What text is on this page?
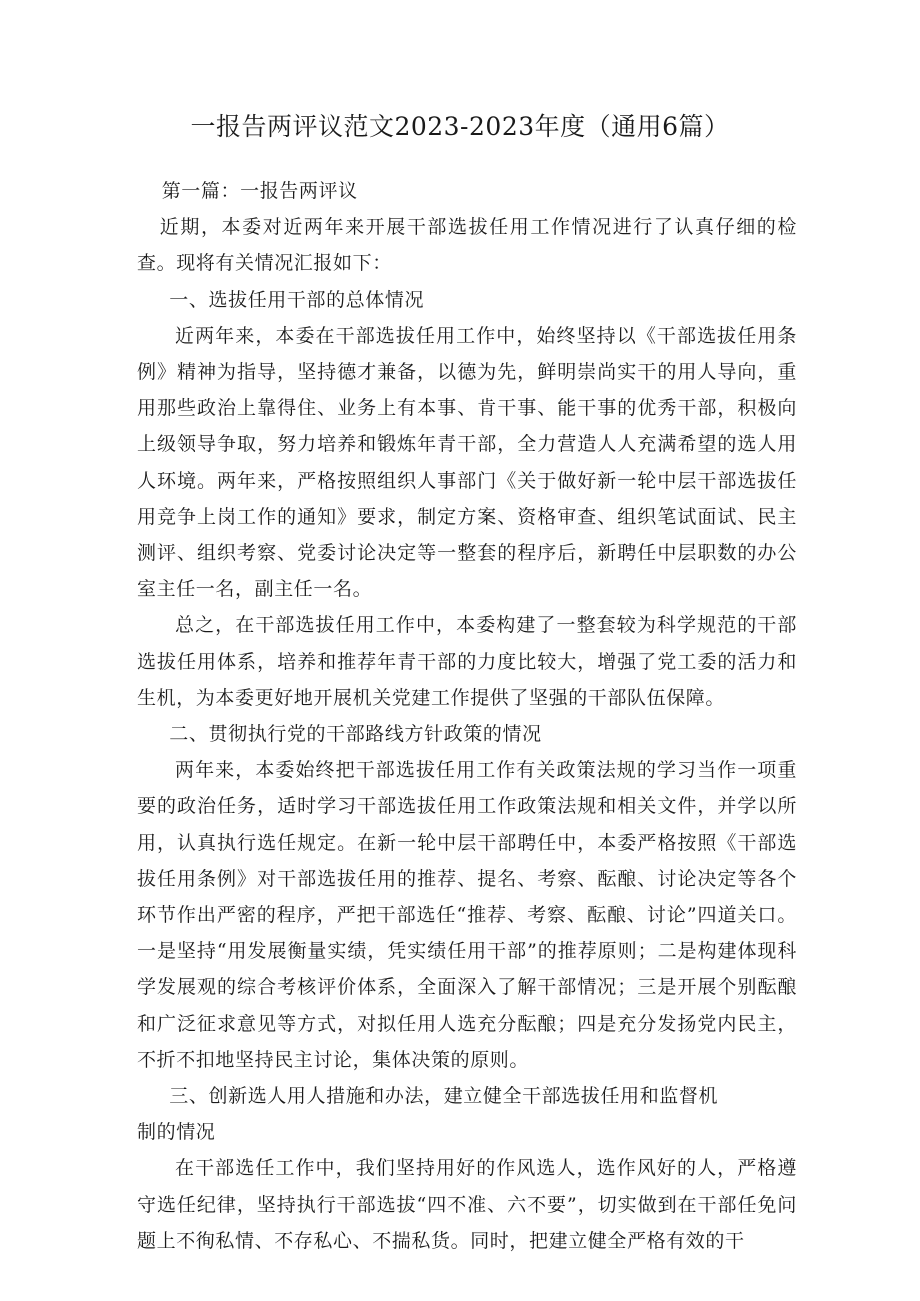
一报告两评议范文2023-2023年度（通用6篇）

第一篇：一报告两评议

近期，本委对近两年来开展干部选拔任用工作情况进行了认真仔细的检查。现将有关情况汇报如下：

一、选拔任用干部的总体情况

近两年来，本委在干部选拔任用工作中，始终坚持以《干部选拔任用条例》精神为指导，坚持德才兼备，以德为先，鲜明崇尚实干的用人导向，重用那些政治上靠得住、业务上有本事、肯干事、能干事的优秀干部，积极向上级领导争取，努力培养和锻炼年青干部，全力营造人人充满希望的选人用人环境。两年来，严格按照组织人事部门《关于做好新一轮中层干部选拔任用竞争上岗工作的通知》要求，制定方案、资格审查、组织笔试面试、民主测评、组织考察、党委讨论决定等一整套的程序后，新聘任中层职数的办公室主任一名，副主任一名。

总之，在干部选拔任用工作中，本委构建了一整套较为科学规范的干部选拔任用体系，培养和推荐年青干部的力度比较大，增强了党工委的活力和生机，为本委更好地开展机关党建工作提供了坚强的干部队伍保障。

二、贯彻执行党的干部路线方针政策的情况

两年来，本委始终把干部选拔任用工作有关政策法规的学习当作一项重要的政治任务，适时学习干部选拔任用工作政策法规和相关文件，并学以所用，认真执行选任规定。在新一轮中层干部聘任中，本委严格按照《干部选拔任用条例》对干部选拔任用的推荐、提名、考察、酝酿、讨论决定等各个环节作出严密的程序，严把干部选任“推荐、考察、酝酿、讨论”四道关口。一是坚持“用发展衡量实绩，凭实绩任用干部”的推荐原则；二是构建体现科学发展观的综合考核评价体系，全面深入了解干部情况；三是开展个别酝酿和广泛征求意见等方式，对拟任用人选充分酝酿；四是充分发扬党内民主，不折不扣地坚持民主讨论，集体决策的原则。

三、创新选人用人措施和办法，建立健全干部选拔任用和监督机

制的情况

在干部选任工作中，我们坚持用好的作风选人，选作风好的人，严格遵守选任纪律，坚持执行干部选拔“四不准、六不要”，切实做到在干部任免问题上不徇私情、不存私心、不揣私货。同时，把建立健全严格有效的干
